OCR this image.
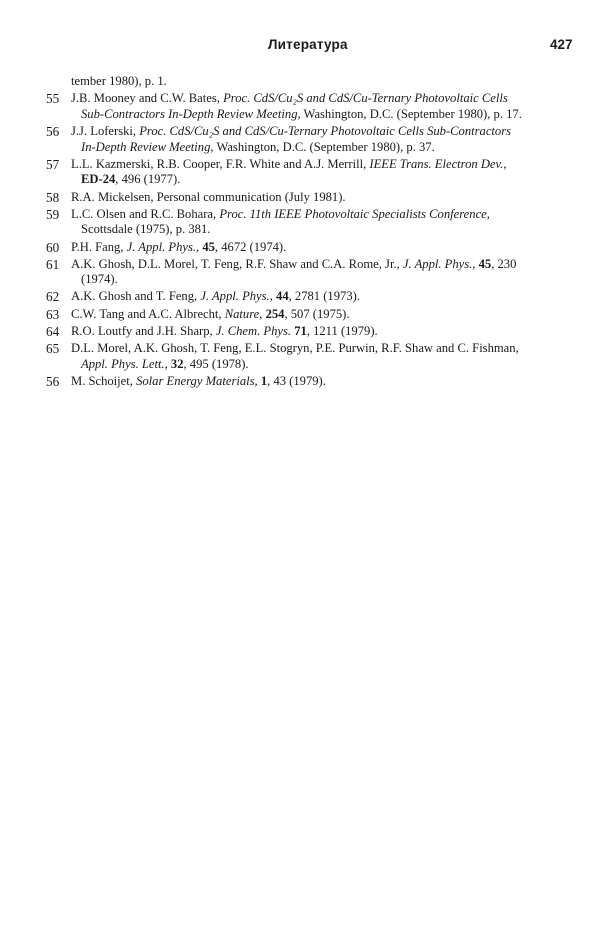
Литература	427
tember 1980), p. 1.
55 J.B. Mooney and C.W. Bates, Proc. CdS/Cu₂S and CdS/Cu-Ternary Photovoltaic Cells
Sub-Contractors In-Depth Review Meeting, Washington, D.C. (September 1980), p. 17.
56 J.J. Loferski, Proc. CdS/Cu₂S and CdS/Cu-Ternary Photovoltaic Cells Sub-Contractors
In-Depth Review Meeting, Washington, D.C. (September 1980), p. 37.
57 L.L. Kazmerski, R.B. Cooper, F.R. White and A.J. Merrill, IEEE Trans. Electron Dev.,
ED-24, 496 (1977).
58 R.A. Mickelsen, Personal communication (July 1981).
59 L.C. Olsen and R.C. Bohara, Proc. 11th IEEE Photovoltaic Specialists Conference,
Scottsdale (1975), p. 381.
60 P.H. Fang, J. Appl. Phys., 45, 4672 (1974).
61 A.K. Ghosh, D.L. Morel, T. Feng, R.F. Shaw and C.A. Rome, Jr., J. Appl. Phys., 45, 230
(1974).
62 A.K. Ghosh and T. Feng, J. Appl. Phys., 44, 2781 (1973).
63 C.W. Tang and A.C. Albrecht, Nature, 254, 507 (1975).
64 R.O. Loutfy and J.H. Sharp, J. Chem. Phys. 71, 1211 (1979).
65 D.L. Morel, A.K. Ghosh, T. Feng, E.L. Stogryn, P.E. Purwin, R.F. Shaw and C. Fishman,
Appl. Phys. Lett., 32, 495 (1978).
56 M. Schoijet, Solar Energy Materials, 1, 43 (1979).
